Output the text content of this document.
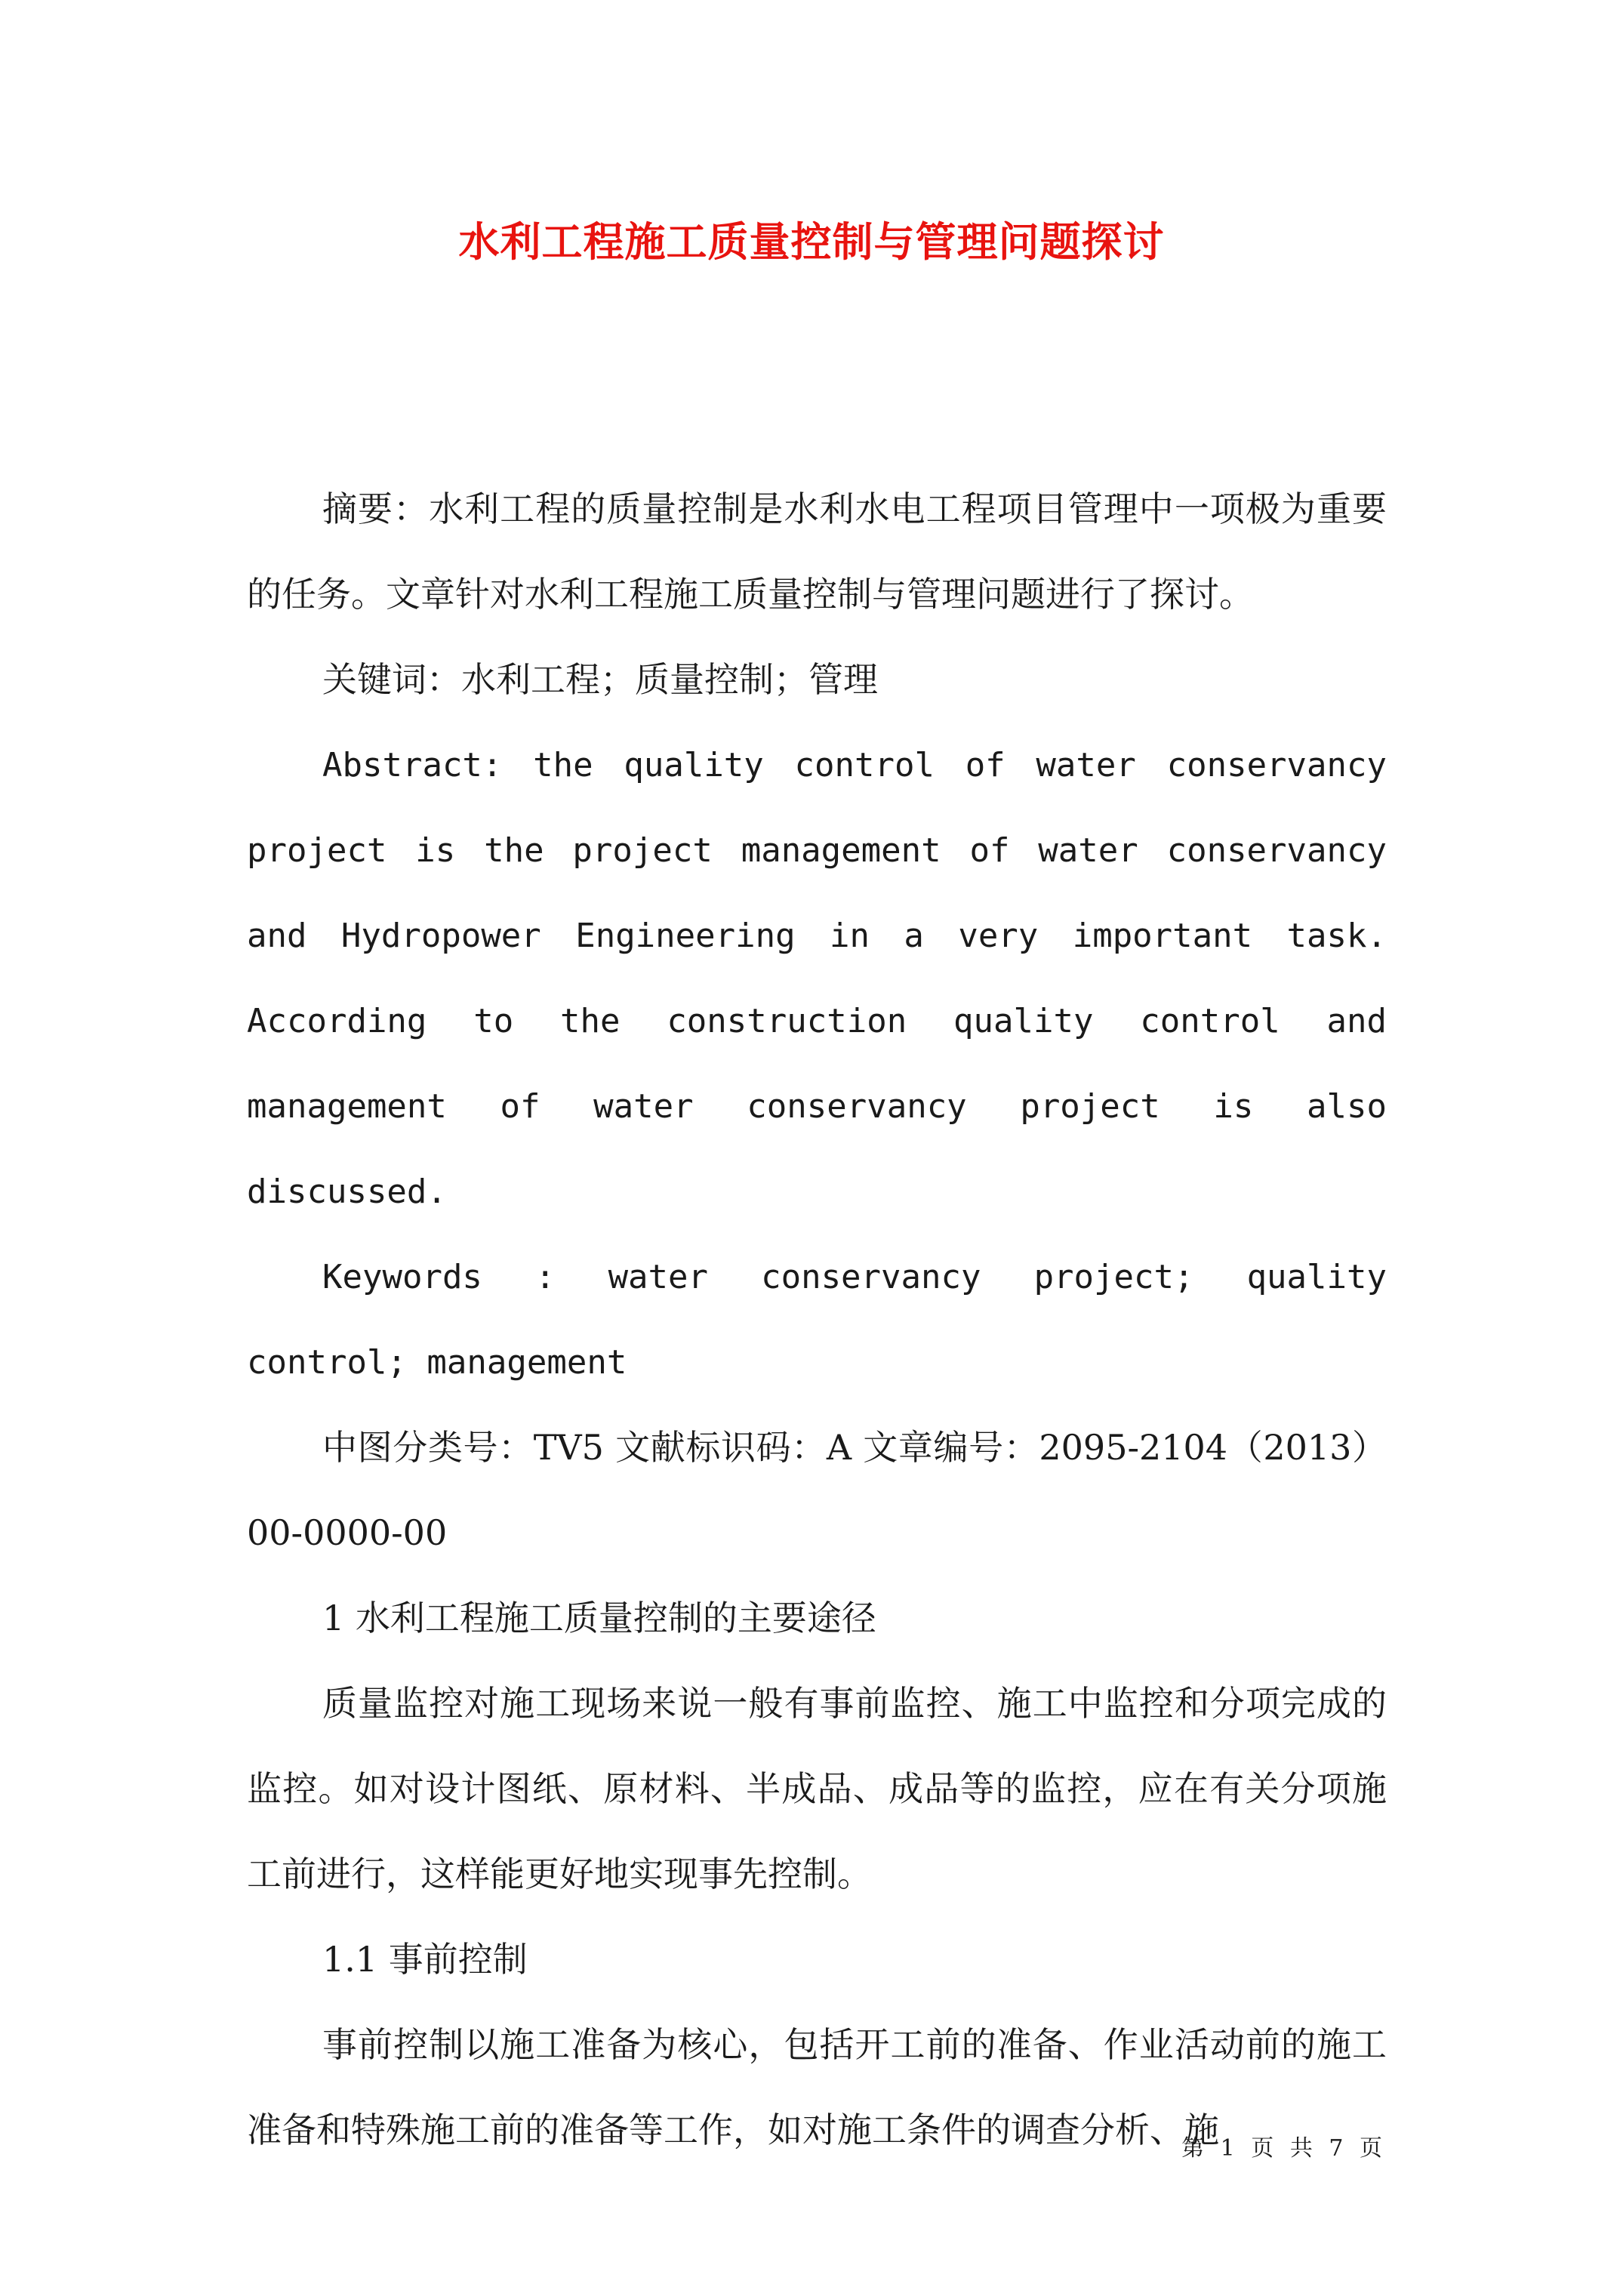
水利工程施工质量控制与管理问题探讨

摘要：水利工程的质量控制是水利水电工程项目管理中一项极为重要的任务。文章针对水利工程施工质量控制与管理问题进行了探讨。

关键词：水利工程；质量控制；管理

Abstract: the quality control of water conservancy project is the project management of water conservancy and Hydropower Engineering in a very important task. According to the construction quality control and management of water conservancy project is also discussed.

Keywords : water conservancy project; quality control; management

中图分类号：TV5 文献标识码：A 文章编号：2095-2104（2013）00-0000-00

1 水利工程施工质量控制的主要途径

质量监控对施工现场来说一般有事前监控、施工中监控和分项完成的监控。如对设计图纸、原材料、半成品、成品等的监控，应在有关分项施工前进行，这样能更好地实现事先控制。

1.1 事前控制

事前控制以施工准备为核心，包括开工前的准备、作业活动前的施工准备和特殊施工前的准备等工作，如对施工条件的调查分析、施

第 1 页 共 7 页
